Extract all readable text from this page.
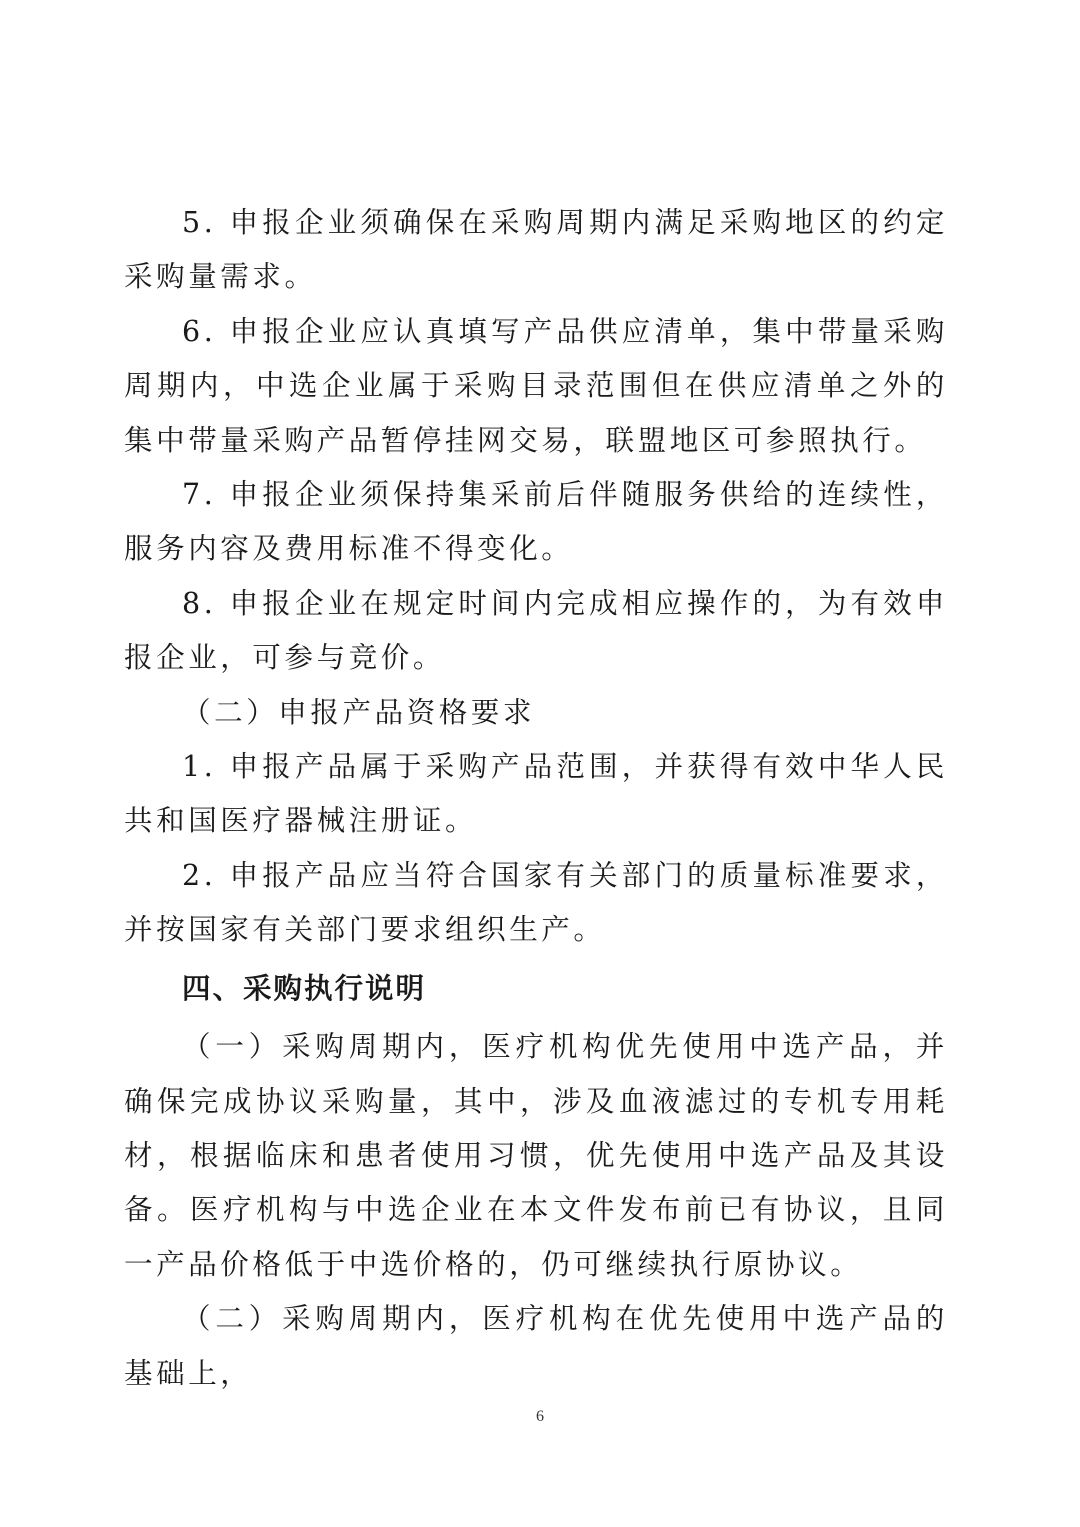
5. 申报企业须确保在采购周期内满足采购地区的约定采购量需求。

6. 申报企业应认真填写产品供应清单，集中带量采购周期内，中选企业属于采购目录范围但在供应清单之外的集中带量采购产品暂停挂网交易，联盟地区可参照执行。

7. 申报企业须保持集采前后伴随服务供给的连续性，服务内容及费用标准不得变化。

8. 申报企业在规定时间内完成相应操作的，为有效申报企业，可参与竞价。

（二）申报产品资格要求

1. 申报产品属于采购产品范围，并获得有效中华人民共和国医疗器械注册证。

2. 申报产品应当符合国家有关部门的质量标准要求，并按国家有关部门要求组织生产。

四、采购执行说明

（一）采购周期内，医疗机构优先使用中选产品，并确保完成协议采购量，其中，涉及血液滤过的专机专用耗材，根据临床和患者使用习惯，优先使用中选产品及其设备。医疗机构与中选企业在本文件发布前已有协议，且同一产品价格低于中选价格的，仍可继续执行原协议。

（二）采购周期内，医疗机构在优先使用中选产品的基础上，

6
